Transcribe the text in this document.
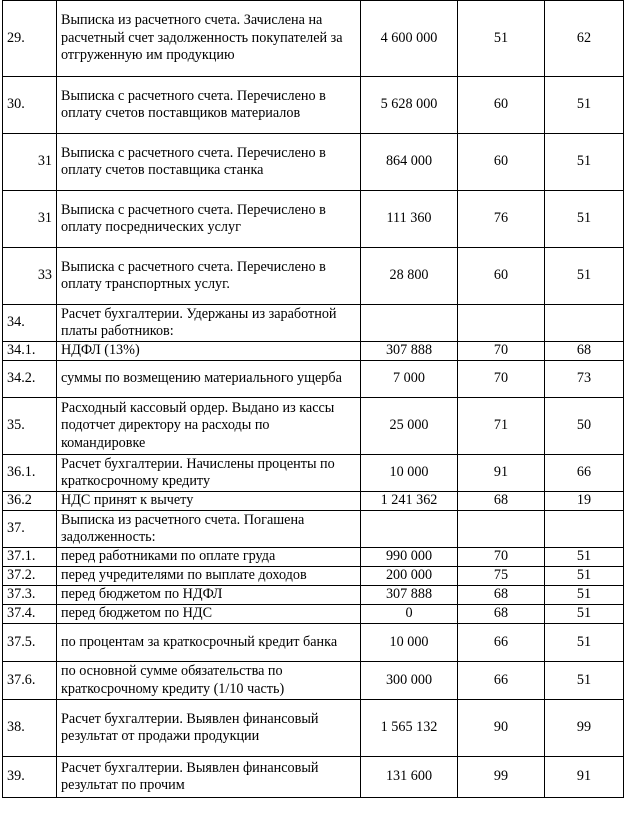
29.	Выписка из расчетного счета. Зачислена на расчетный счет задолженность покупателей за отгруженную им продукцию	4 600 000	51	62
30.	Выписка с расчетного счета. Перечислено в оплату счетов поставщиков материалов	5 628 000	60	51
31	Выписка с расчетного счета. Перечислено в оплату счетов поставщика станка	864 000	60	51
31	Выписка с расчетного счета. Перечислено в оплату посреднических услуг	111 360	76	51
33	Выписка с расчетного счета. Перечислено в оплату транспортных услуг.	28 800	60	51
34.	Расчет бухгалтерии. Удержаны из заработной платы работников:			
34.1.	НДФЛ (13%)	307 888	70	68
34.2.	суммы по возмещению материального ущерба	7 000	70	73
35.	Расходный кассовый ордер. Выдано из кассы подотчет директору на расходы по командировке	25 000	71	50
36.1.	Расчет бухгалтерии. Начислены проценты по краткосрочному кредиту	10 000	91	66
36.2	НДС принят к вычету	1 241 362	68	19
37.	Выписка из расчетного счета. Погашена задолженность:			
37.1.	перед работниками по оплате груда	990 000	70	51
37.2.	перед учредителями по выплате доходов	200 000	75	51
37.3.	перед бюджетом по НДФЛ	307 888	68	51
37.4.	перед бюджетом по НДС	0	68	51
37.5.	по процентам за краткосрочный кредит банка	10 000	66	51
37.6.	по основной сумме обязательства по краткосрочному кредиту (1/10 часть)	300 000	66	51
38.	Расчет бухгалтерии. Выявлен финансовый результат от продажи продукции	1 565 132	90	99
39.	Расчет бухгалтерии. Выявлен финансовый результат по прочим	131 600	99	91
